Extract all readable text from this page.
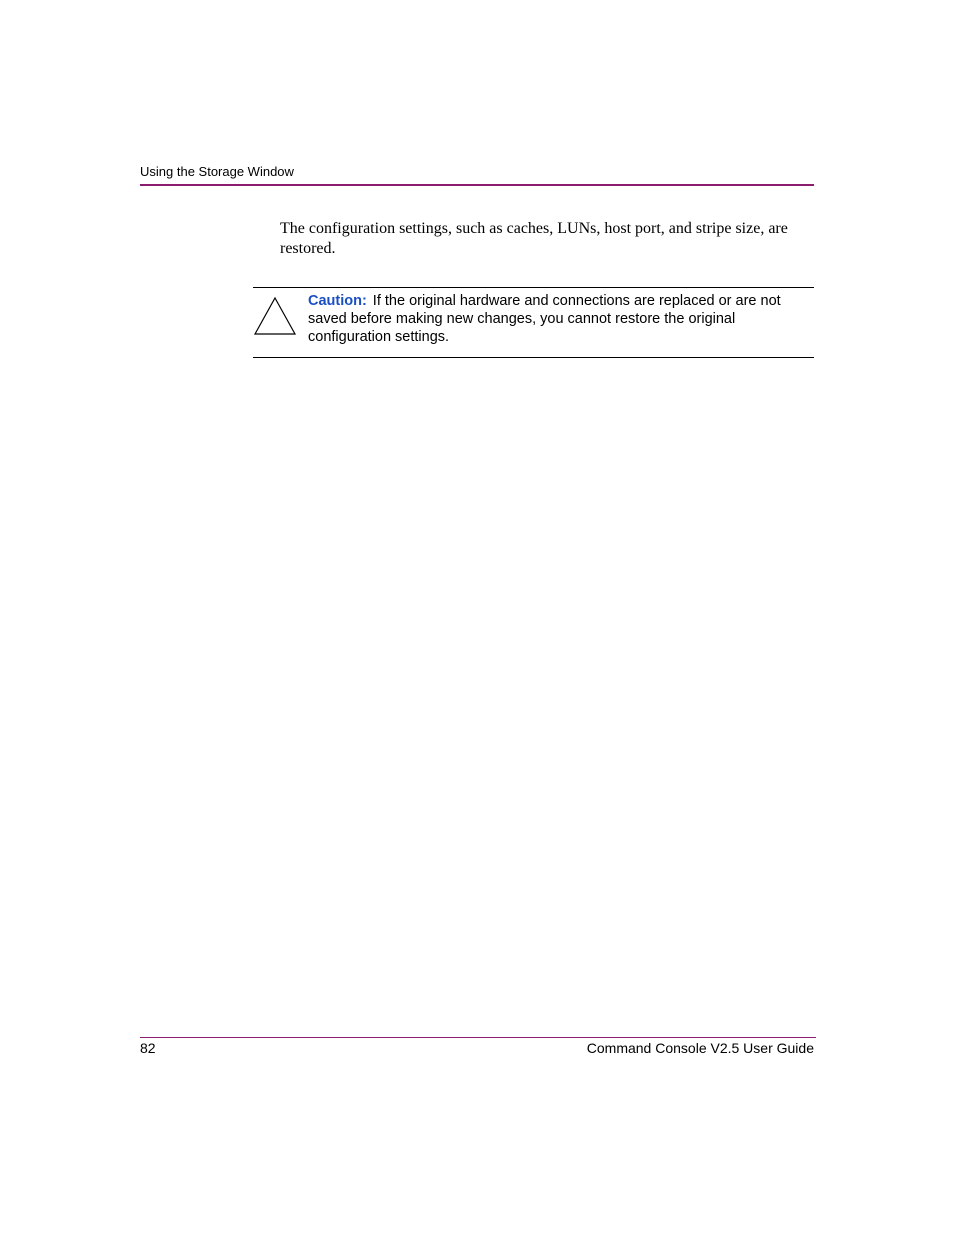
Using the Storage Window

The configuration settings, such as caches, LUNs, host port, and stripe size, are restored.

Caution: If the original hardware and connections are replaced or are not saved before making new changes, you cannot restore the original configuration settings.

82	Command Console V2.5 User Guide
